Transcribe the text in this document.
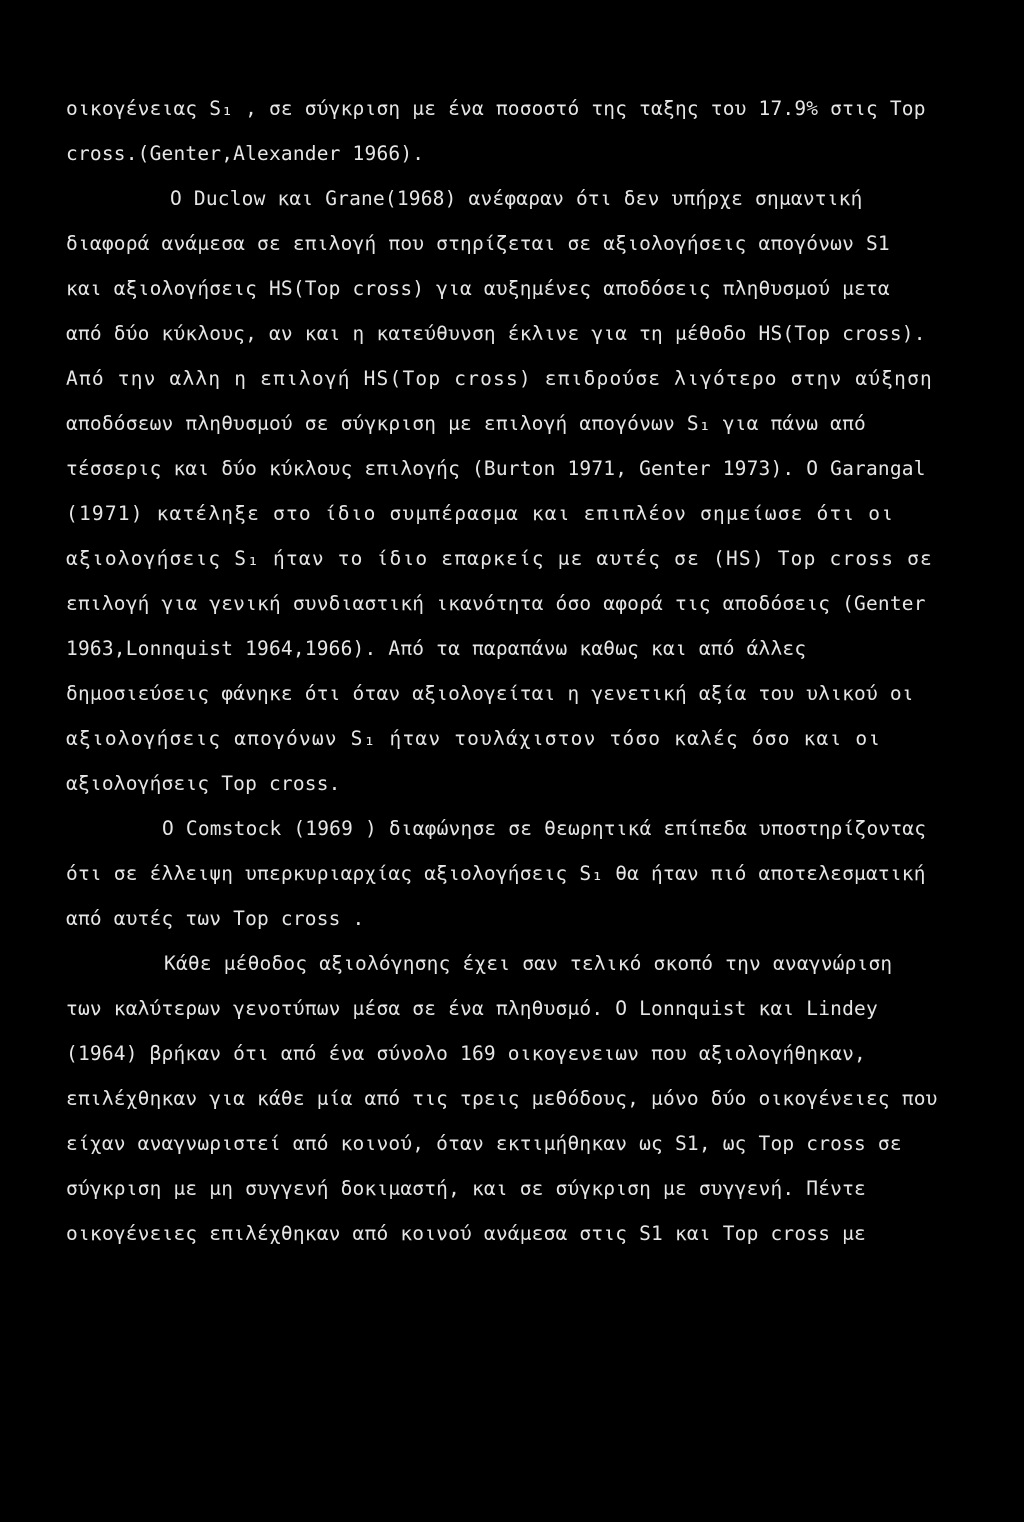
οικογένειας S₁ , σε σύγκριση με ένα ποσοστό της ταξης του 17.9% στις Top
cross.(Genter,Alexander 1966).
Ο Duclow και Grane(1968) ανέφαραν ότι δεν υπήρχε σημαντική
διαφορά ανάμεσα σε επιλογή που στηρίζεται σε αξιολογήσεις απογόνων S1
και αξιολογήσεις HS(Top cross) για αυξημένες αποδόσεις πληθυσμού μετα
από δύο κύκλους, αν και η κατεύθυνση έκλινε για τη μέθοδο HS(Top cross).
Από την αλλη η επιλογή HS(Top cross) επιδρούσε λιγότερο στην αύξηση
αποδόσεων πληθυσμού σε σύγκριση με επιλογή απογόνων S₁ για πάνω από
τέσσερις και δύο κύκλους επιλογής (Burton 1971, Genter 1973). Ο Garangal
(1971) κατέληξε στο ίδιο συμπέρασμα και επιπλέον σημείωσε ότι οι
αξιολογήσεις S₁ ήταν το ίδιο επαρκείς με αυτές σε (HS) Top cross σε
επιλογή για γενική συνδιαστική ικανότητα όσο αφορά τις αποδόσεις (Genter
1963,Lonnquist 1964,1966). Από τα παραπάνω καθως και από άλλες
δημοσιεύσεις φάνηκε ότι όταν αξιολογείται η γενετική αξία του υλικού οι
αξιολογήσεις απογόνων S₁ ήταν τουλάχιστον τόσο καλές όσο και οι
αξιολογήσεις Top cross.
Ο Comstock (1969 ) διαφώνησε σε θεωρητικά επίπεδα υποστηρίζοντας
ότι σε έλλειψη υπερκυριαρχίας αξιολογήσεις S₁ θα ήταν πιό αποτελεσματική
από αυτές των Top cross .
Κάθε μέθοδος αξιολόγησης έχει σαν τελικό σκοπό την αναγνώριση
των καλύτερων γενοτύπων μέσα σε ένα πληθυσμό. Ο Lonnquist και Lindey
(1964) βρήκαν ότι από ένα σύνολο 169 οικογενειων που αξιολογήθηκαν,
επιλέχθηκαν για κάθε μία από τις τρεις μεθόδους, μόνο δύο οικογένειες που
είχαν αναγνωριστεί από κοινού, όταν εκτιμήθηκαν ως S1, ως Top cross σε
σύγκριση με μη συγγενή δοκιμαστή, και σε σύγκριση με συγγενή. Πέντε
οικογένειες επιλέχθηκαν από κοινού ανάμεσα στις S1 και Top cross με
